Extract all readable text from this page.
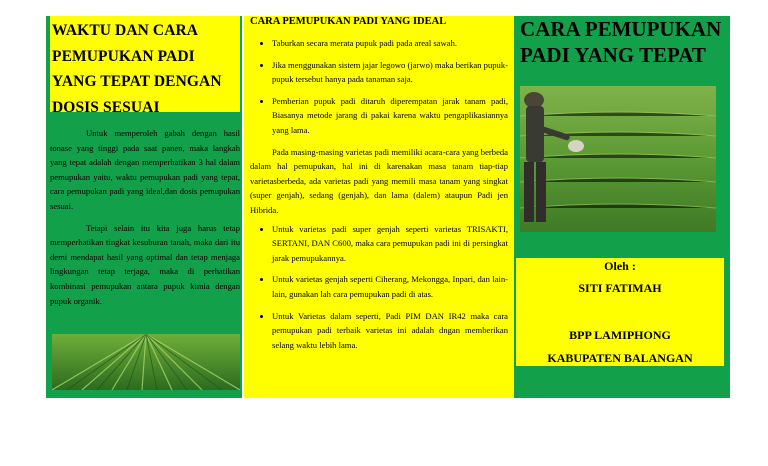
WAKTU DAN CARA PEMUPUKAN PADI YANG TEPAT DENGAN DOSIS SESUAI

Untuk memperoleh gabah dengan hasil tonase yang tinggi pada saat panen, maka langkah yang tepat adalah dengan memperhatikan 3 hal dalam pemupukan yaitu, waktu pemupukan padi yang tepat, cara pemupukan padi yang ideal,dan dosis pemupukan sesuai.

Tetapi selain itu kita juga harus tetap memperhatikan tingkat kesuburan tanah, maka dari itu demi mendapat hasil yang optimal dan tetap menjaga lingkungan tetap terjaga, maka di perhatikan kombinasi pemupukan antara pupuk kimia dengan pupuk organik.

CARA PEMUPUKAN PADI YANG IDEAL
• Taburkan secara merata pupuk padi pada areal sawah.
• Jika menggunakan sistem jajar legowo (jarwo) maka berikan pupuk-pupuk tersebut hanya pada tanaman saja.
• Pemberian pupuk padi ditaruh diperempatan jarak tanam padi, Biasanya metode jarang di pakai karena waktu pengaplikasiannya yang lama.

Pada masing-masing varietas padi memiliki acara-cara yang berbeda dalam hal pemupukan, hal ini di karenakan masa tanam tiap-tiap varietasberbeda, ada varietas padi yang memili masa tanam yang singkat (super genjah), sedang (genjah), dan lama (dalem) ataupun Padi jen Hibrida.

• Untuk varietas padi super genjah seperti varietas TRISAKTI, SERTANI, DAN C600, maka cara pemupukan padi ini di persingkat jarak pemupukannya.
• Untuk varietas genjah seperti Ciherang, Mekongga, Inpari, dan lain-lain, gunakan lah cara pemupukan padi di atas.
• Untuk Varietas dalam seperti, Padi PIM DAN IR42 maka cara pemupukan padi terbaik varietas ini adalah dngan memberikan selang waktu lebih lama.
CARA PEMUPUKAN PADI YANG TEPAT
Oleh :
SITI FATIMAH
BPP LAMIPHONG
KABUPATEN BALANGAN
